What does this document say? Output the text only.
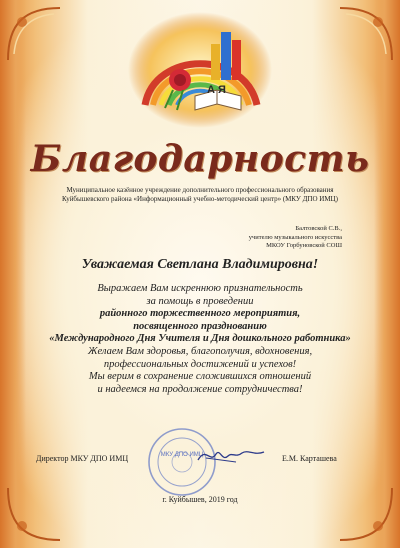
А Я
Благодарность
Муниципальное казённое учреждение дополнительного профессионального образования
Куйбышевского района «Информационный учебно-методический центр» (МКУ ДПО ИМЦ)
Балтовской С.В.,
учителю музыкального искусства
МКОУ Горбуновской СОШ
Уважаемая Светлана Владимировна!

Выражаем Вам искреннюю признательность

за помощь в проведении

районного торжественного мероприятия,

посвященного празднованию

«Международного Дня Учителя и Дня дошкольного работника»

Желаем Вам здоровья, благополучия, вдохновения,

профессиональных достижений и успехов!

Мы верим в сохранение сложившихся отношений

и надеемся на продолжение сотрудничества!

Директор МКУ ДПО ИМЦ	МКУ ДПО ИМЦ	Е.М. Карташева
г. Куйбышев, 2019 год
